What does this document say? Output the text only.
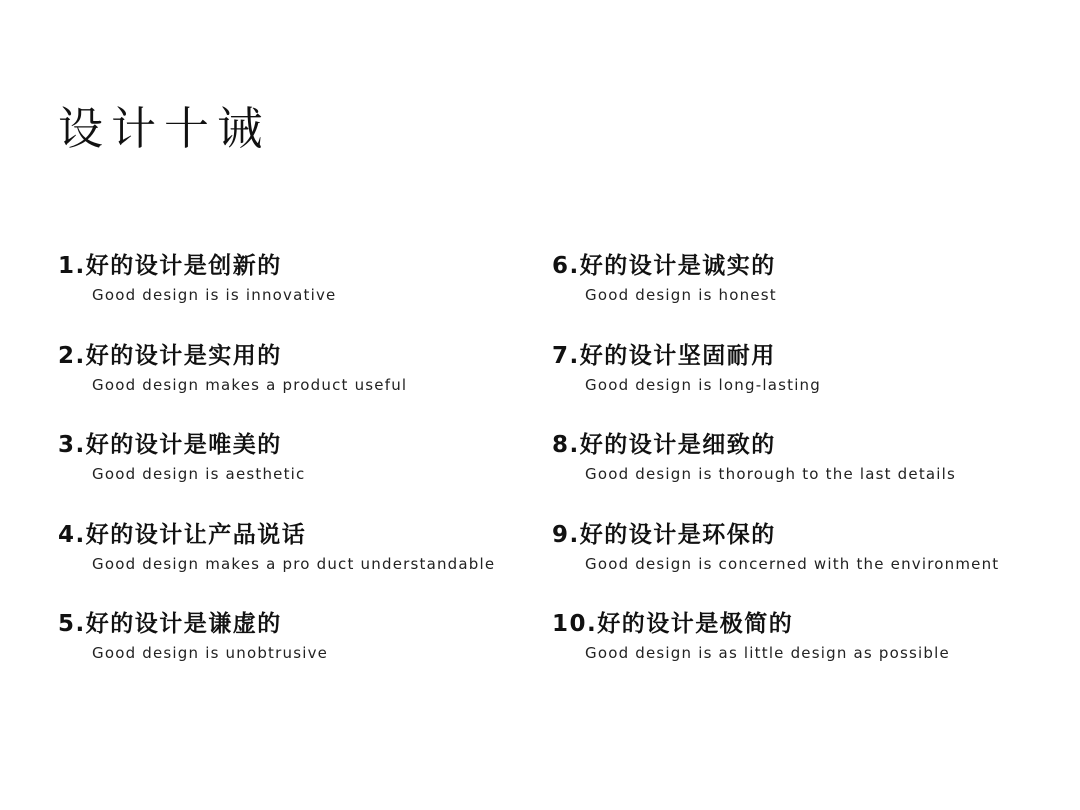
设计十诫
1.好的设计是创新的
Good design is is innovative
2.好的设计是实用的
Good design makes a product useful
3.好的设计是唯美的
Good design is aesthetic
4.好的设计让产品说话
Good design makes a pro duct understandable
5.好的设计是谦虚的
Good design is unobtrusive
6.好的设计是诚实的
Good design is honest
7.好的设计坚固耐用
Good design is long-lasting
8.好的设计是细致的
Good design is thorough to the last details
9.好的设计是环保的
Good design is concerned with the environment
10.好的设计是极简的
Good design is as little design as possible
